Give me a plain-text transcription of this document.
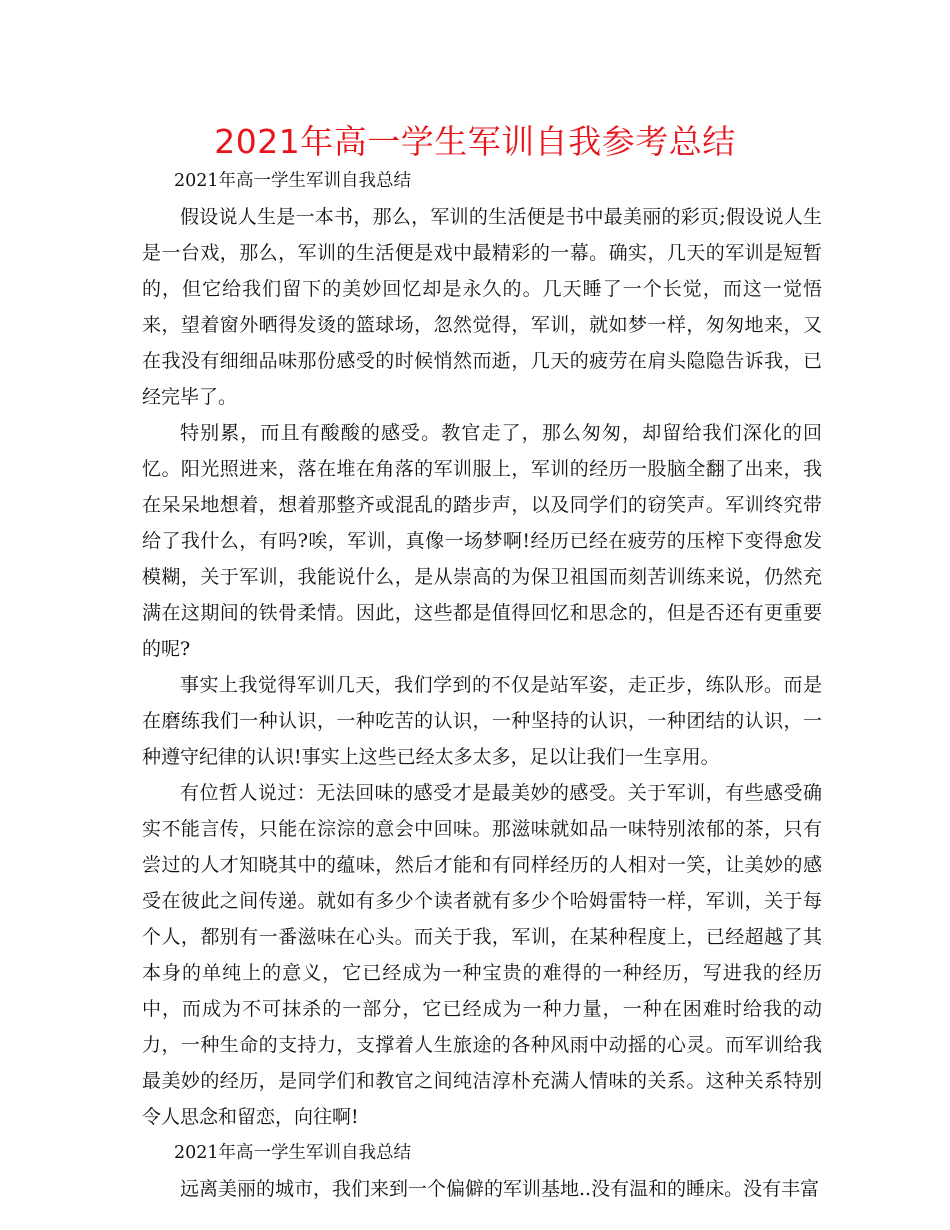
2021年高一学生军训自我参考总结

2021年高一学生军训自我总结

假设说人生是一本书，那么，军训的生活便是书中最美丽的彩页;假设说人生是一台戏，那么，军训的生活便是戏中最精彩的一幕。确实，几天的军训是短暂的，但它给我们留下的美妙回忆却是永久的。几天睡了一个长觉，而这一觉悟来，望着窗外晒得发烫的篮球场，忽然觉得，军训，就如梦一样，匆匆地来，又在我没有细细品味那份感受的时候悄然而逝，几天的疲劳在肩头隐隐告诉我，已经完毕了。

特别累，而且有酸酸的感受。教官走了，那么匆匆，却留给我们深化的回忆。阳光照进来，落在堆在角落的军训服上，军训的经历一股脑全翻了出来，我在呆呆地想着，想着那整齐或混乱的踏步声，以及同学们的窃笑声。军训终究带给了我什么，有吗?唉，军训，真像一场梦啊!经历已经在疲劳的压榨下变得愈发模糊，关于军训，我能说什么，是从崇高的为保卫祖国而刻苦训练来说，仍然充满在这期间的铁骨柔情。因此，这些都是值得回忆和思念的，但是否还有更重要的呢?

事实上我觉得军训几天，我们学到的不仅是站军姿，走正步，练队形。而是在磨练我们一种认识，一种吃苦的认识，一种坚持的认识，一种团结的认识，一种遵守纪律的认识!事实上这些已经太多太多，足以让我们一生享用。

有位哲人说过：无法回味的感受才是最美妙的感受。关于军训，有些感受确实不能言传，只能在淙淙的意会中回味。那滋味就如品一味特别浓郁的茶，只有尝过的人才知晓其中的蕴味，然后才能和有同样经历的人相对一笑，让美妙的感受在彼此之间传递。就如有多少个读者就有多少个哈姆雷特一样，军训，关于每个人，都别有一番滋味在心头。而关于我，军训，在某种程度上，已经超越了其本身的单纯上的意义，它已经成为一种宝贵的难得的一种经历，写进我的经历中，而成为不可抹杀的一部分，它已经成为一种力量，一种在困难时给我的动力，一种生命的支持力，支撑着人生旅途的各种风雨中动摇的心灵。而军训给我最美妙的经历，是同学们和教官之间纯洁淳朴充满人情味的关系。这种关系特别令人思念和留恋，向往啊!

2021年高一学生军训自我总结

远离美丽的城市，我们来到一个偏僻的军训基地..没有温和的睡床。没有丰富
